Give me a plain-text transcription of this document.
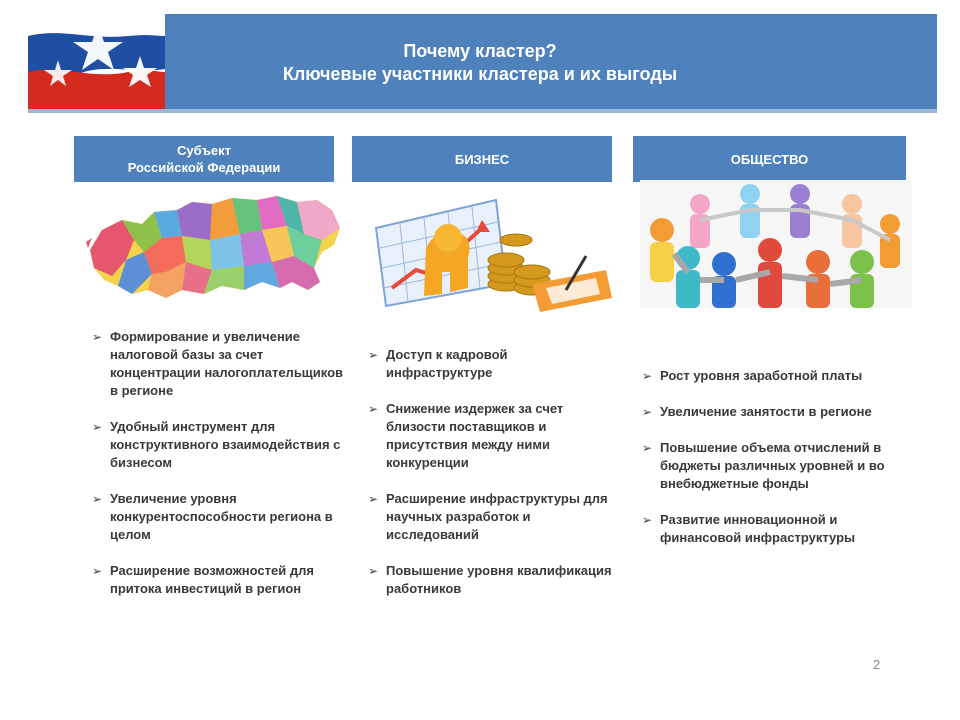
Почему кластер?
Ключевые участники кластера и их выгоды
Субъект
Российской Федерации
БИЗНЕС	ОБЩЕСТВО
➢ Формирование и увеличение налоговой базы за счет концентрации налогоплательщиков в регионе
➢ Удобный инструмент для конструктивного взаимодействия с бизнесом
➢ Увеличение уровня конкурентоспособности региона в целом
➢ Расширение возможностей для притока инвестиций в регион
➢ Доступ к кадровой инфраструктуре
➢ Снижение издержек за счет близости поставщиков и присутствия между ними конкуренции
➢ Расширение инфраструктуры для научных разработок и исследований
➢ Повышение уровня квалификация работников
➢ Рост уровня заработной платы
➢ Увеличение занятости в регионе
➢ Повышение объема отчислений в бюджеты различных уровней и во внебюджетные фонды
➢ Развитие инновационной и финансовой инфраструктуры
2
